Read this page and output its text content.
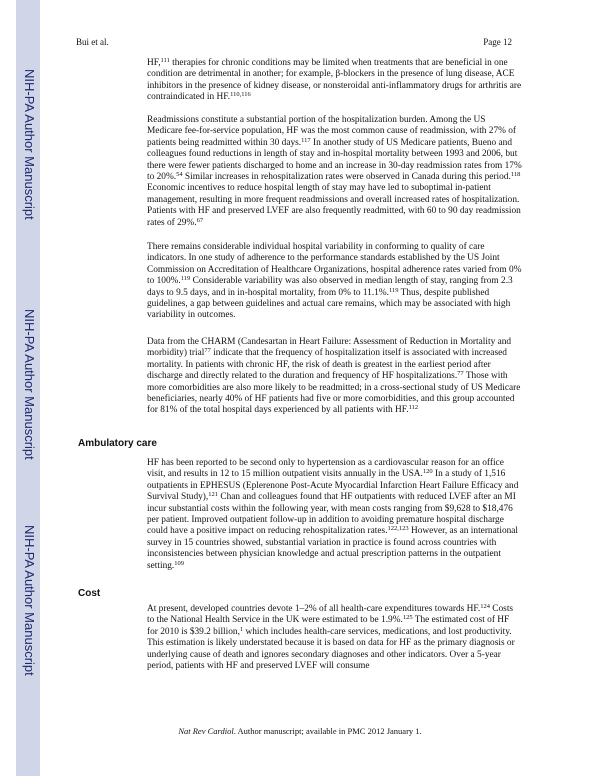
NIH-PA Author Manuscript
NIH-PA Author Manuscript
NIH-PA Author Manuscript
Bui et al.	Page 12

HF,$^{111}$ therapies for chronic conditions may be limited when treatments that are beneficial in one condition are detrimental in another; for example, β-blockers in the presence of lung disease, ACE inhibitors in the presence of kidney disease, or nonsteroidal anti-inflammatory drugs for arthritis are contraindicated in HF.$^{110,116}$

Readmissions constitute a substantial portion of the hospitalization burden. Among the US Medicare fee-for-service population, HF was the most common cause of readmission, with 27% of patients being readmitted within 30 days.$^{117}$ In another study of US Medicare patients, Bueno and colleagues found reductions in length of stay and in-hospital mortality between 1993 and 2006, but there were fewer patients discharged to home and an increase in 30-day readmission rates from 17% to 20%.$^{54}$ Similar increases in rehospitalization rates were observed in Canada during this period.$^{118}$ Economic incentives to reduce hospital length of stay may have led to suboptimal in-patient management, resulting in more frequent readmissions and overall increased rates of hospitalization. Patients with HF and preserved LVEF are also frequently readmitted, with 60 to 90 day readmission rates of 29%.$^{67}$

There remains considerable individual hospital variability in conforming to quality of care indicators. In one study of adherence to the performance standards established by the US Joint Commission on Accreditation of Healthcare Organizations, hospital adherence rates varied from 0% to 100%.$^{119}$ Considerable variability was also observed in median length of stay, ranging from 2.3 days to 9.5 days, and in in-hospital mortality, from 0% to 11.1%.$^{119}$ Thus, despite published guidelines, a gap between guidelines and actual care remains, which may be associated with high variability in outcomes.

Data from the CHARM (Candesartan in Heart Failure: Assessment of Reduction in Mortality and morbidity) trial$^{77}$ indicate that the frequency of hospitalization itself is associated with increased mortality. In patients with chronic HF, the risk of death is greatest in the earliest period after discharge and directly related to the duration and frequency of HF hospitalizations.$^{77}$ Those with more comorbidities are also more likely to be readmitted; in a cross-sectional study of US Medicare beneficiaries, nearly 40% of HF patients had five or more comorbidities, and this group accounted for 81% of the total hospital days experienced by all patients with HF.$^{112}$

Ambulatory care

HF has been reported to be second only to hypertension as a cardiovascular reason for an office visit, and results in 12 to 15 million outpatient visits annually in the USA.$^{120}$ In a study of 1,516 outpatients in EPHESUS (Eplerenone Post-Acute Myocardial Infarction Heart Failure Efficacy and Survival Study),$^{121}$ Chan and colleagues found that HF outpatients with reduced LVEF after an MI incur substantial costs within the following year, with mean costs ranging from $9,628 to $18,476 per patient. Improved outpatient follow-up in addition to avoiding premature hospital discharge could have a positive impact on reducing rehospitalization rates.$^{122,123}$ However, as an international survey in 15 countries showed, substantial variation in practice is found across countries with inconsistencies between physician knowledge and actual prescription patterns in the outpatient setting.$^{109}$

Cost

At present, developed countries devote 1–2% of all health-care expenditures towards HF.$^{124}$ Costs to the National Health Service in the UK were estimated to be 1.9%.$^{125}$ The estimated cost of HF for 2010 is $39.2 billion,$^1$ which includes health-care services, medications, and lost productivity. This estimation is likely understated because it is based on data for HF as the primary diagnosis or underlying cause of death and ignores secondary diagnoses and other indicators. Over a 5-year period, patients with HF and preserved LVEF will consume

Nat Rev Cardiol. Author manuscript; available in PMC 2012 January 1.
